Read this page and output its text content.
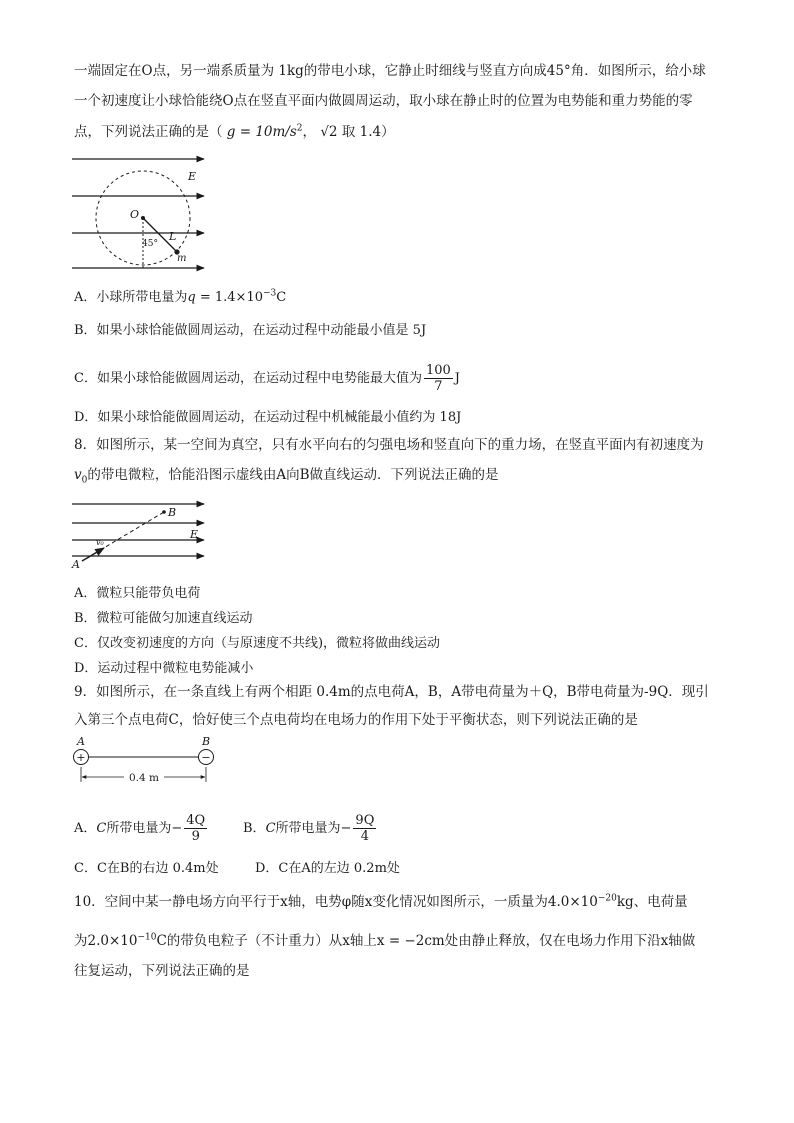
一端固定在O点，另一端系质量为 1kg的带电小球，它静止时细线与竖直方向成45°角．如图所示，给小球
一个初速度让小球恰能绕O点在竖直平面内做圆周运动，取小球在静止时的位置为电势能和重力势能的零
点，下列说法正确的是（ $g = 10m/s^2$， √2 取 1.4）
E
O
45°
L
m
A．小球所带电量为$q = 1.4\times 10^{-3}C$
B．如果小球恰能做圆周运动，在运动过程中动能最小值是 5J
C．如果小球恰能做圆周运动，在运动过程中电势能最大值为 $\frac{100}{7}$ J
D．如果小球恰能做圆周运动，在运动过程中机械能最小值约为 18J
8．如图所示，某一空间为真空，只有水平向右的匀强电场和竖直向下的重力场，在竖直平面内有初速度为
$v_0$的带电微粒，恰能沿图示虚线由A向B做直线运动．下列说法正确的是
A
B
E
v₀
A．微粒只能带负电荷
B．微粒可能做匀加速直线运动
C．仅改变初速度的方向（与原速度不共线)，微粒将做曲线运动
D．运动过程中微粒电势能减小
9．如图所示，在一条直线上有两个相距 0.4m的点电荷A，B，A带电荷量为＋Q，B带电荷量为-9Q．现引
入第三个点电荷C，恰好使三个点电荷均在电场力的作用下处于平衡状态，则下列说法正确的是
A	B
+	−
0.4 m
A．C所带电量为− $\frac{4Q}{9}$	B．C所带电量为− $\frac{9Q}{4}$
C．C在B的右边 0.4m处	D．C在A的左边 0.2m处
10．空间中某一静电场方向平行于x轴，电势φ随x变化情况如图所示，一质量为$4.0\times 10^{-20}kg$、电荷量
为$2.0\times 10^{-10}C$的带负电粒子（不计重力）从x轴上x = −2cm处由静止释放，仅在电场力作用下沿x轴做
往复运动，下列说法正确的是
